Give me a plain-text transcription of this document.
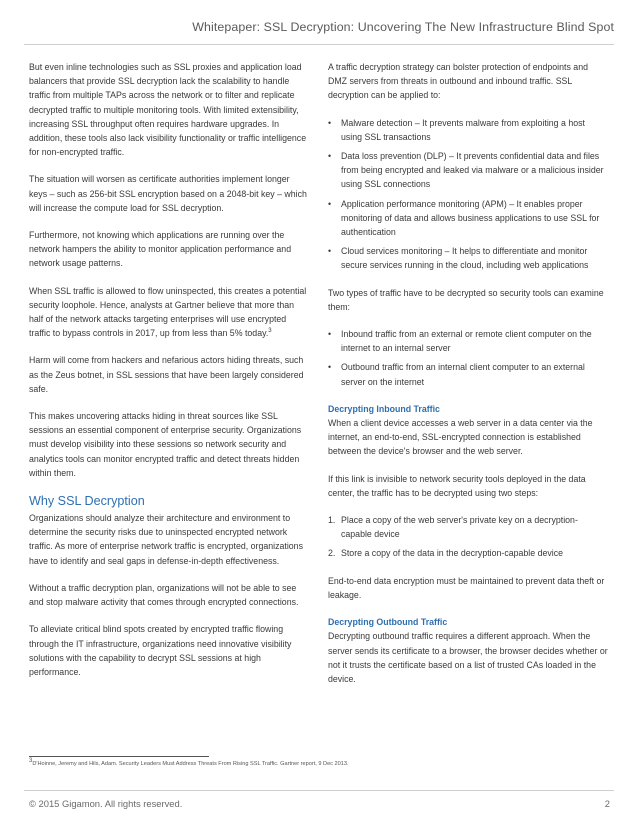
Whitepaper: SSL Decryption: Uncovering The New Infrastructure Blind Spot

But even inline technologies such as SSL proxies and application load balancers that provide SSL decryption lack the scalability to handle traffic from multiple TAPs across the network or to filter and replicate decrypted traffic to multiple monitoring tools. With limited extensibility, increasing SSL throughput often requires hardware upgrades. In addition, these tools also lack visibility functionality or traffic intelligence for non-encrypted traffic.

The situation will worsen as certificate authorities implement longer keys – such as 256-bit SSL encryption based on a 2048-bit key – which will increase the compute load for SSL decryption.

Furthermore, not knowing which applications are running over the network hampers the ability to monitor application performance and network usage patterns.

When SSL traffic is allowed to flow uninspected, this creates a potential security loophole. Hence, analysts at Gartner believe that more than half of the network attacks targeting enterprises will use encrypted traffic to bypass controls in 2017, up from less than 5% today.$^3$

Harm will come from hackers and nefarious actors hiding threats, such as the Zeus botnet, in SSL sessions that have been largely considered safe.

This makes uncovering attacks hiding in threat sources like SSL sessions an essential component of enterprise security. Organizations must develop visibility into these sessions so network security and analytics tools can monitor encrypted traffic and detect threats hidden within them.

Why SSL Decryption

Organizations should analyze their architecture and environment to determine the security risks due to uninspected encrypted network traffic. As more of enterprise network traffic is encrypted, organizations have to identify and seal gaps in defense-in-depth effectiveness.

Without a traffic decryption plan, organizations will not be able to see and stop malware activity that comes through encrypted connections.

To alleviate critical blind spots created by encrypted traffic flowing through the IT infrastructure, organizations need innovative visibility solutions with the capability to decrypt SSL sessions at high performance.

A traffic decryption strategy can bolster protection of endpoints and DMZ servers from threats in outbound and inbound traffic. SSL decryption can be applied to:

• Malware detection – It prevents malware from exploiting a host using SSL transactions
• Data loss prevention (DLP) – It prevents confidential data and files from being encrypted and leaked via malware or a malicious insider using SSL connections
• Application performance monitoring (APM) – It enables proper monitoring of data and allows business applications to use SSL for authentication
• Cloud services monitoring – It helps to differentiate and monitor secure services running in the cloud, including web applications

Two types of traffic have to be decrypted so security tools can examine them:

• Inbound traffic from an external or remote client computer on the internet to an internal server
• Outbound traffic from an internal client computer to an external server on the internet
Decrypting Inbound Traffic

When a client device accesses a web server in a data center via the internet, an end-to-end, SSL-encrypted connection is established between the device's browser and the web server.

If this link is invisible to network security tools deployed in the data center, the traffic has to be decrypted using two steps:

1. Place a copy of the web server's private key on a decryption-capable device
2. Store a copy of the data in the decryption-capable device

End-to-end data encryption must be maintained to prevent data theft or leakage.

Decrypting Outbound Traffic

Decrypting outbound traffic requires a different approach. When the server sends its certificate to a browser, the browser decides whether or not it trusts the certificate based on a list of trusted CAs loaded in the device.

3D'Hoinne, Jeremy and Hils, Adam. Security Leaders Must Address Threats From Rising SSL Traffic. Gartner report, 9 Dec 2013.
© 2015 Gigamon. All rights reserved.	2
